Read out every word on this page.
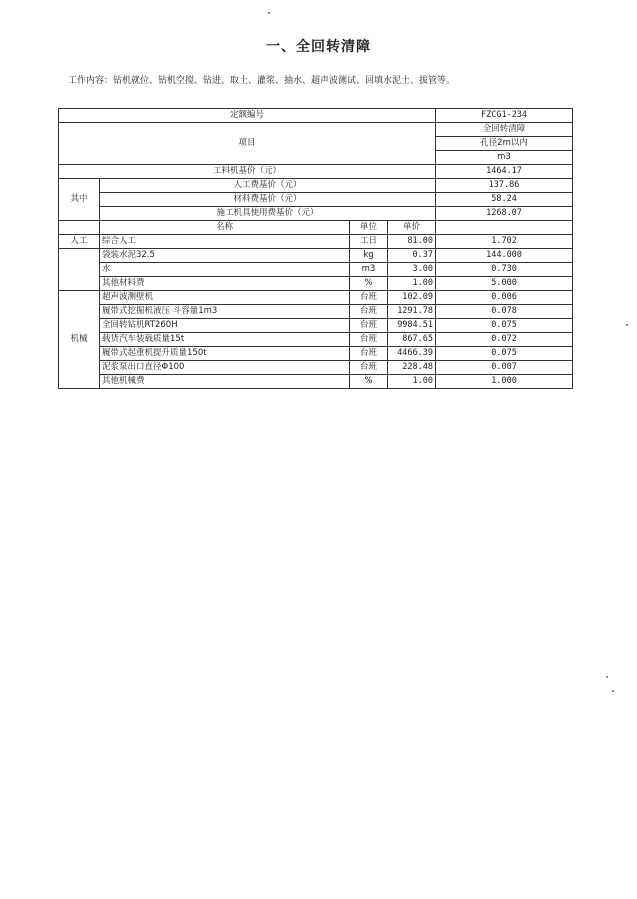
一、全回转清障
工作内容：钻机就位、钻机空搅、钻进、取土、灌浆、抽水、超声波测试、回填水泥土、拔管等。
定额编号				FZCG1-234
项目				全回转清障
				孔径2m以内
				m3
工料机基价（元）				1464.17
其中	人工费基价（元）			137.86
	材料费基价（元）			58.24
	施工机具使用费基价（元）			1268.07
	名称	单位	单价	
人工	综合人工	工日	81.00	1.702
	袋装水泥32.5	kg	0.37	144.000
	水	m3	3.00	0.730
	其他材料费	%	1.00	5.000
机械	超声波测壁机	台班	102.09	0.006
	履带式挖掘机液压 斗容量1m3	台班	1291.78	0.078
	全回转钻机RT260H	台班	9984.51	0.075
	载货汽车装载质量15t	台班	867.65	0.072
	履带式起重机提升质量150t	台班	4466.39	0.075
	泥浆泵出口直径Φ100	台班	228.48	0.007
	其他机械费	%	1.00	1.000
